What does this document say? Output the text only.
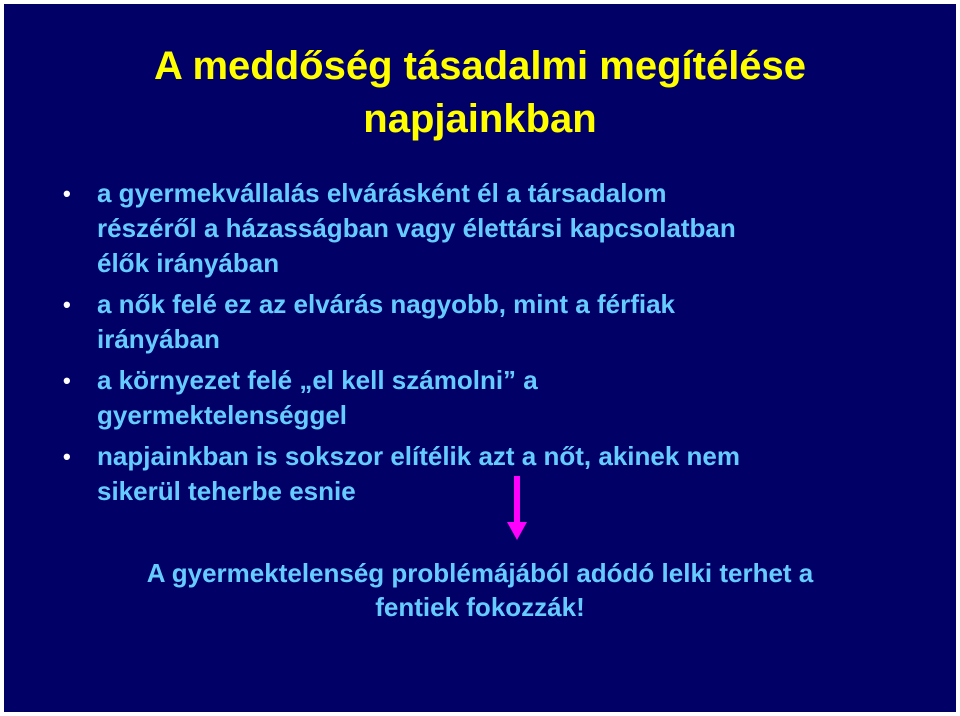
A meddőség tásadalmi megítélése
napjainkban
• a gyermekvállalás elvárásként él a társadalom
részéről a házasságban vagy élettársi kapcsolatban
élők irányában
• a nők felé ez az elvárás nagyobb, mint a férfiak
irányában
• a környezet felé „el kell számolni” a
gyermektelenséggel
• napjainkban is sokszor elítélik azt a nőt, akinek nem
sikerül teherbe esnie
A gyermektelenség problémájából adódó lelki terhet a
fentiek fokozzák!
